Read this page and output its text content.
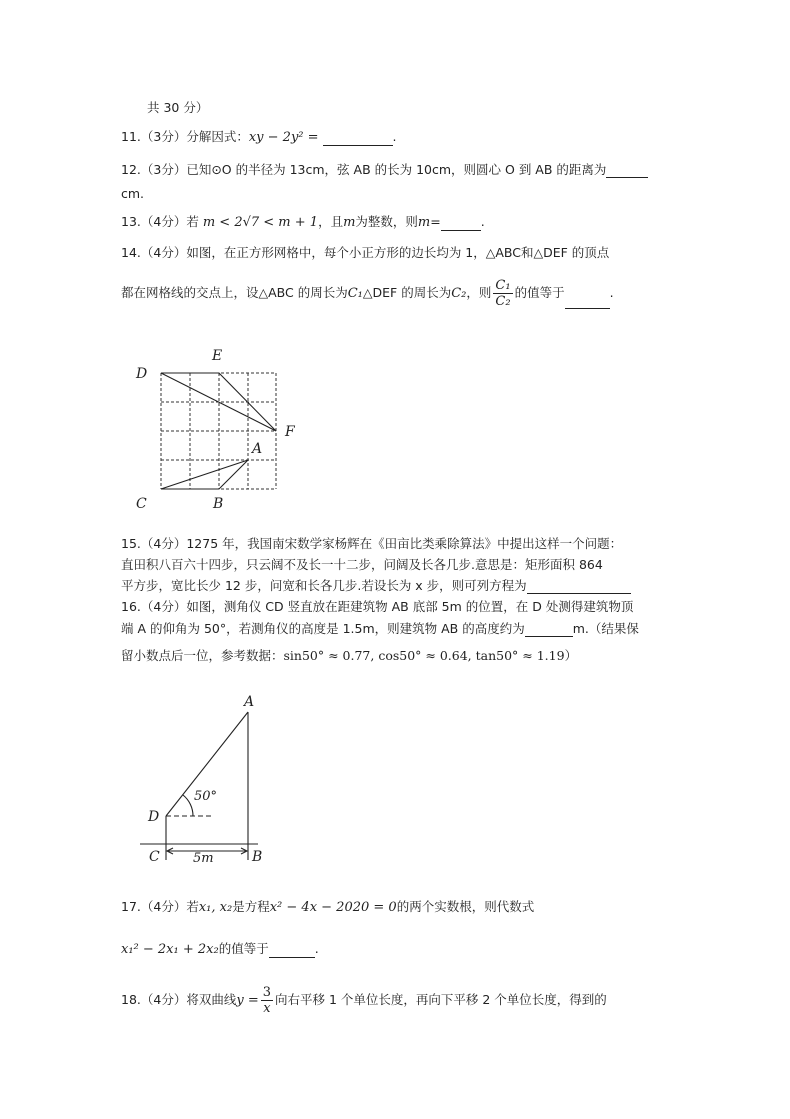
共 30 分）
11.（3分）分解因式：xy − 2y² =	.
12.（3分）已知⊙O 的半径为 13cm，弦 AB 的长为 10cm，则圆心 O 到 AB 的距离为
cm.
13.（4分）若 m < 2√7 < m + 1，且m为整数，则m=	.
14.（4分）如图，在正方形网格中，每个小正方形的边长均为 1，△ABC和△DEF 的顶点
都在网格线的交点上，设△ABC 的周长为C₁△DEF 的周长为C₂，则 $\frac{\text{C₁}}{\text{C₂}}$ 的值等于	.
D
E
F
A
B
C
15.（4分）1275 年，我国南宋数学家杨辉在《田亩比类乘除算法》中提出这样一个问题：
直田积八百六十四步，只云阔不及长一十二步，问阔及长各几步.意思是：矩形面积 864
平方步，宽比长少 12 步，问宽和长各几步.若设长为 x 步，则可列方程为
16.（4分）如图，测角仪 CD 竖直放在距建筑物 AB 底部 5m 的位置，在 D 处测得建筑物顶
端 A 的仰角为 50°，若测角仪的高度是 1.5m，则建筑物 AB 的高度约为	m.（结果保
留小数点后一位，参考数据：sin50° ≈ 0.77, cos50° ≈ 0.64, tan50° ≈ 1.19）
A
D
C	B
50°
5m
17.（4分）若x₁, x₂是方程x² − 4x − 2020 = 0的两个实数根，则代数式
x₁² − 2x₁ + 2x₂的值等于	.
18.（4分）将双曲线$y = \frac{3}{x}$ 向右平移 1 个单位长度，再向下平移 2 个单位长度，得到的
